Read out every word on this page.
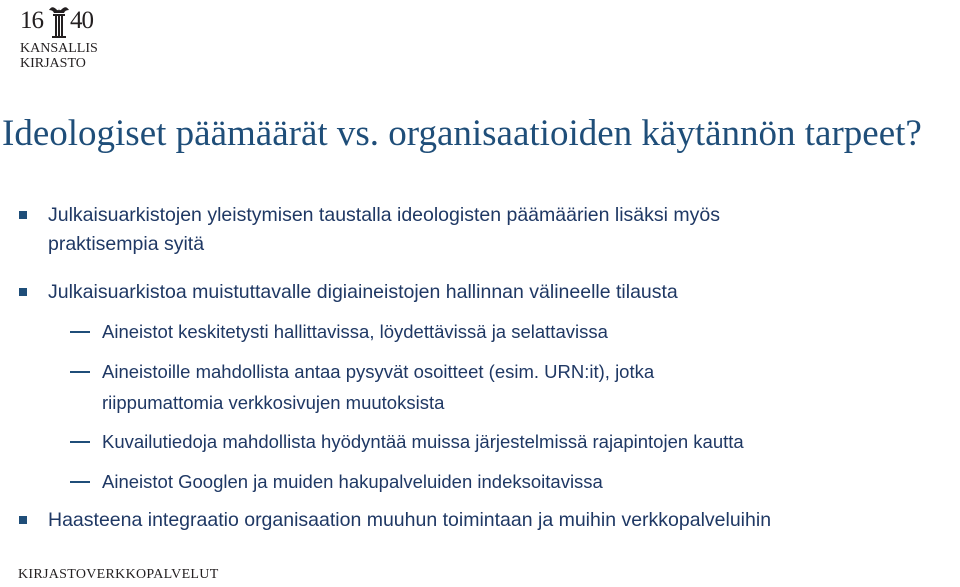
16 40
KANSALLIS
KIRJASTO
Ideologiset päämäärät vs. organisaatioiden käytännön tarpeet?
Julkaisuarkistojen yleistymisen taustalla ideologisten päämäärien lisäksi myös
praktisempia syitä
Julkaisuarkistoa muistuttavalle digiaineistojen hallinnan välineelle tilausta
Aineistot keskitetysti hallittavissa, löydettävissä ja selattavissa
Aineistoille mahdollista antaa pysyvät osoitteet (esim. URN:it), jotka
riippumattomia verkkosivujen muutoksista
Kuvailutiedoja mahdollista hyödyntää muissa järjestelmissä rajapintojen kautta
Aineistot Googlen ja muiden hakupalveluiden indeksoitavissa
Haasteena integraatio organisaation muuhun toimintaan ja muihin verkkopalveluihin
KIRJASTOVERKKOPALVELUT
